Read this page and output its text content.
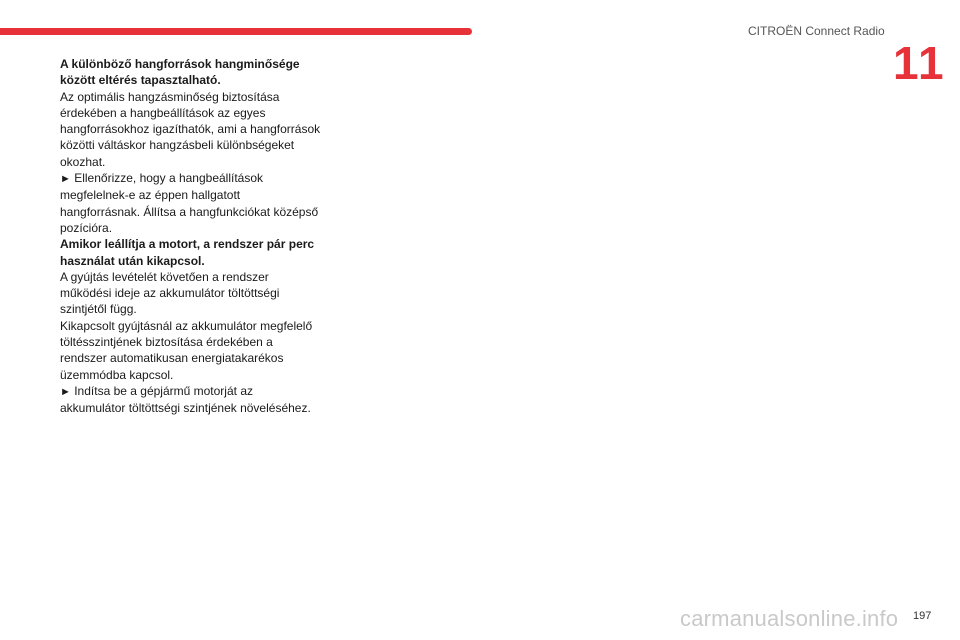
CITROËN Connect Radio
11

A különböző hangforrások hangminősége
között eltérés tapasztalható.

Az optimális hangzásminőség biztosítása
érdekében a hangbeállítások az egyes
hangforrásokhoz igazíthatók, ami a hangforrások
közötti váltáskor hangzásbeli különbségeket
okozhat.

► Ellenőrizze, hogy a hangbeállítások
megfelelnek-e az éppen hallgatott
hangforrásnak. Állítsa a hangfunkciókat középső
pozícióra.

Amikor leállítja a motort, a rendszer pár perc
használat után kikapcsol.

A gyújtás levételét követően a rendszer
működési ideje az akkumulátor töltöttségi
szintjétől függ.

Kikapcsolt gyújtásnál az akkumulátor megfelelő
töltésszintjének biztosítása érdekében a
rendszer automatikusan energiatakarékos
üzemmódba kapcsol.

► Indítsa be a gépjármű motorját az
akkumulátor töltöttségi szintjének növeléséhez.

carmanualsonline.info 197
